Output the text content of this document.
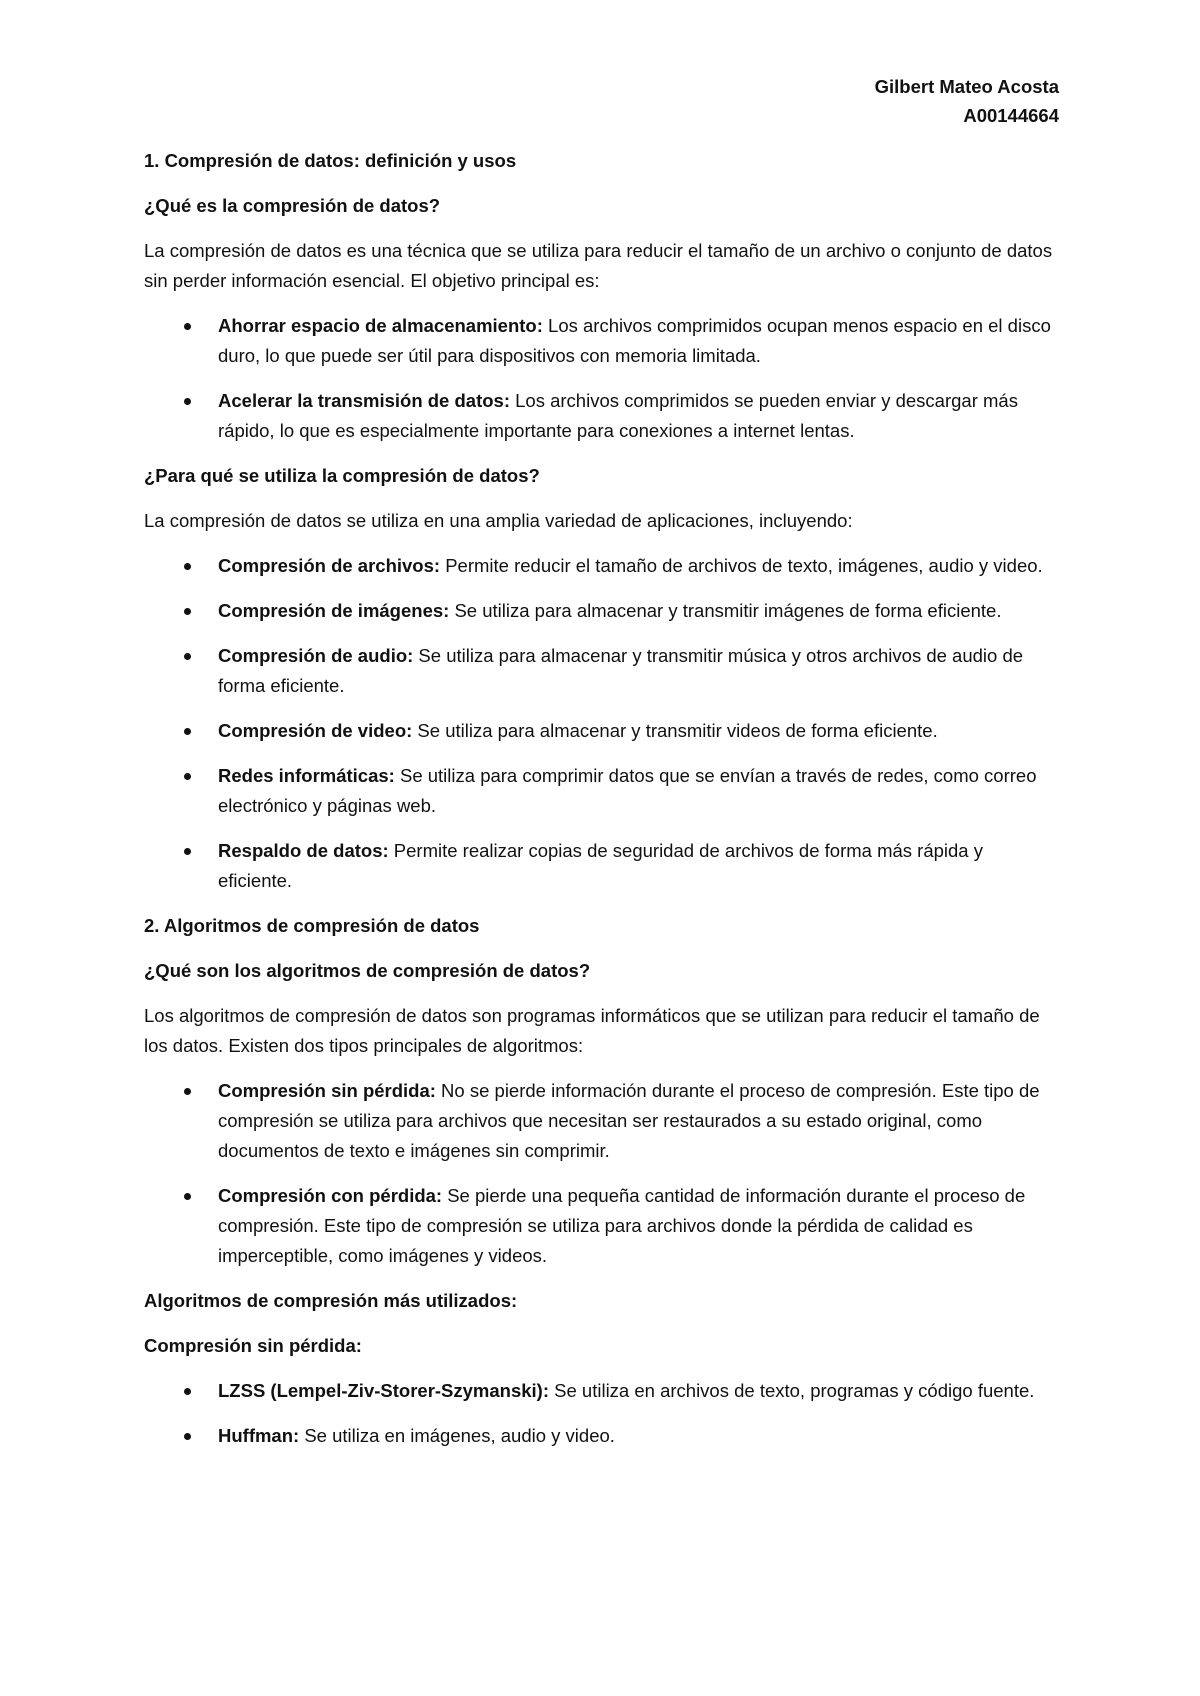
Gilbert Mateo Acosta
A00144664
1. Compresión de datos: definición y usos
¿Qué es la compresión de datos?

La compresión de datos es una técnica que se utiliza para reducir el tamaño de un archivo o conjunto de datos sin perder información esencial. El objetivo principal es:

Ahorrar espacio de almacenamiento: Los archivos comprimidos ocupan menos espacio en el disco duro, lo que puede ser útil para dispositivos con memoria limitada.
Acelerar la transmisión de datos: Los archivos comprimidos se pueden enviar y descargar más rápido, lo que es especialmente importante para conexiones a internet lentas.
¿Para qué se utiliza la compresión de datos?

La compresión de datos se utiliza en una amplia variedad de aplicaciones, incluyendo:

Compresión de archivos: Permite reducir el tamaño de archivos de texto, imágenes, audio y video.
Compresión de imágenes: Se utiliza para almacenar y transmitir imágenes de forma eficiente.
Compresión de audio: Se utiliza para almacenar y transmitir música y otros archivos de audio de forma eficiente.
Compresión de video: Se utiliza para almacenar y transmitir videos de forma eficiente.
Redes informáticas: Se utiliza para comprimir datos que se envían a través de redes, como correo electrónico y páginas web.
Respaldo de datos: Permite realizar copias de seguridad de archivos de forma más rápida y eficiente.
2. Algoritmos de compresión de datos
¿Qué son los algoritmos de compresión de datos?

Los algoritmos de compresión de datos son programas informáticos que se utilizan para reducir el tamaño de los datos. Existen dos tipos principales de algoritmos:

Compresión sin pérdida: No se pierde información durante el proceso de compresión. Este tipo de compresión se utiliza para archivos que necesitan ser restaurados a su estado original, como documentos de texto e imágenes sin comprimir.
Compresión con pérdida: Se pierde una pequeña cantidad de información durante el proceso de compresión. Este tipo de compresión se utiliza para archivos donde la pérdida de calidad es imperceptible, como imágenes y videos.
Algoritmos de compresión más utilizados:
Compresión sin pérdida:
LZSS (Lempel-Ziv-Storer-Szymanski): Se utiliza en archivos de texto, programas y código fuente.
Huffman: Se utiliza en imágenes, audio y video.
